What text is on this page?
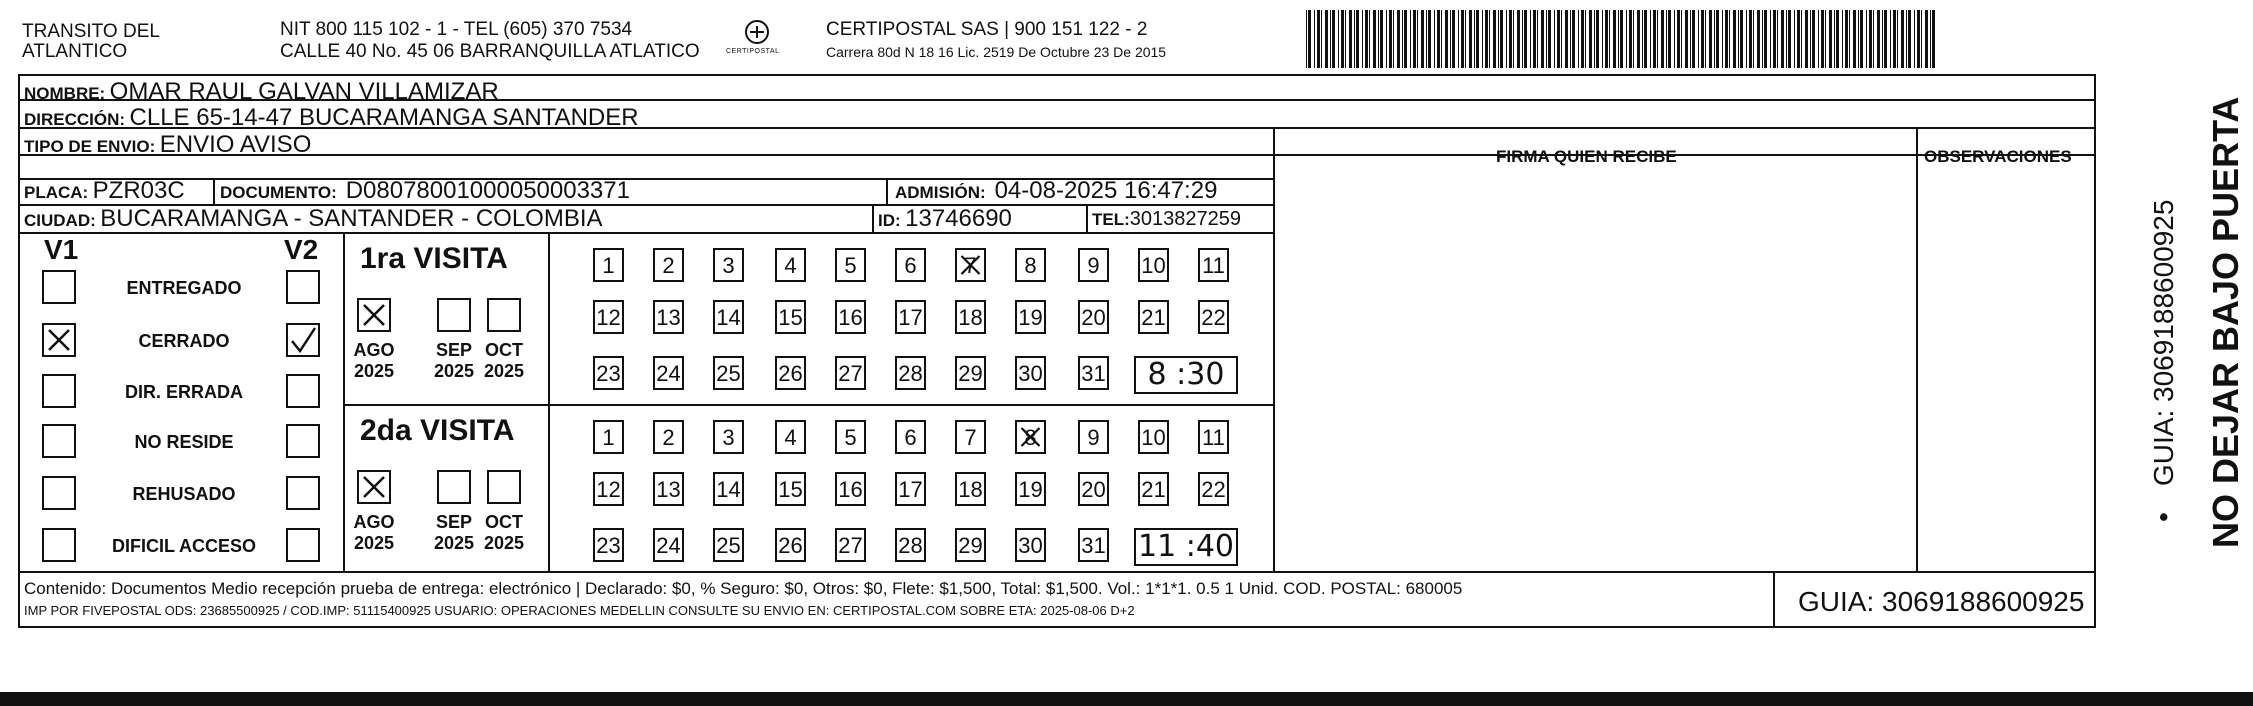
TRANSITO DEL
ATLANTICO
NIT 800 115 102 - 1 - TEL (605) 370 7534
CALLE 40 No. 45 06 BARRANQUILLA ATLATICO	CERTIPOSTAL
CERTIPOSTAL SAS | 900 151 122 - 2
Carrera 80d N 18 16 Lic. 2519 De Octubre 23 De 2015
NOMBRE: OMAR RAUL GALVAN VILLAMIZAR
DIRECCIÓN: CLLE 65-14-47 BUCARAMANGA SANTANDER
TIPO DE ENVIO: ENVIO AVISO	FIRMA QUIEN RECIBE	OBSERVACIONES
PLACA: PZR03C DOCUMENTO: D08078001000050003371	ADMISIÓN: 04-08-2025 16:47:29
CIUDAD: BUCARAMANGA - SANTANDER - COLOMBIA	ID: 13746690	TEL:3013827259
V1	V2
ENTREGADO
CERRADO
DIR. ERRADA
NO RESIDE
REHUSADO
DIFICIL ACCESO
1ra VISITA
AGO
2025
SEP
2025
OCT
2025
1	2	3	4	5	6	7	8	9	10 11
12 13 14 15 16 17 18 19 20 21 22
23 24 25 26 27 28 29 30 31	8 :30
2da VISITA
AGO
2025
SEP
2025
OCT
2025
1	2	3	4	5	6	7	8	9	10 11
12 13 14 15 16 17 18 19 20 21 22
23 24 25 26 27 28 29 30 31 11 :40
Contenido: Documentos Medio recepción prueba de entrega: electrónico | Declarado: $0, % Seguro: $0, Otros: $0, Flete: $1,500, Total: $1,500. Vol.: 1*1*1. 0.5 1 Unid. COD. POSTAL: 680005
IMP POR FIVEPOSTAL ODS: 23685500925 / COD.IMP: 51115400925 USUARIO: OPERACIONES MEDELLIN CONSULTE SU ENVIO EN: CERTIPOSTAL.COM SOBRE ETA: 2025-08-06 D+2	GUIA: 3069188600925
NO DEJAR BAJO PUERTA
GUIA: 3069188600925
•
